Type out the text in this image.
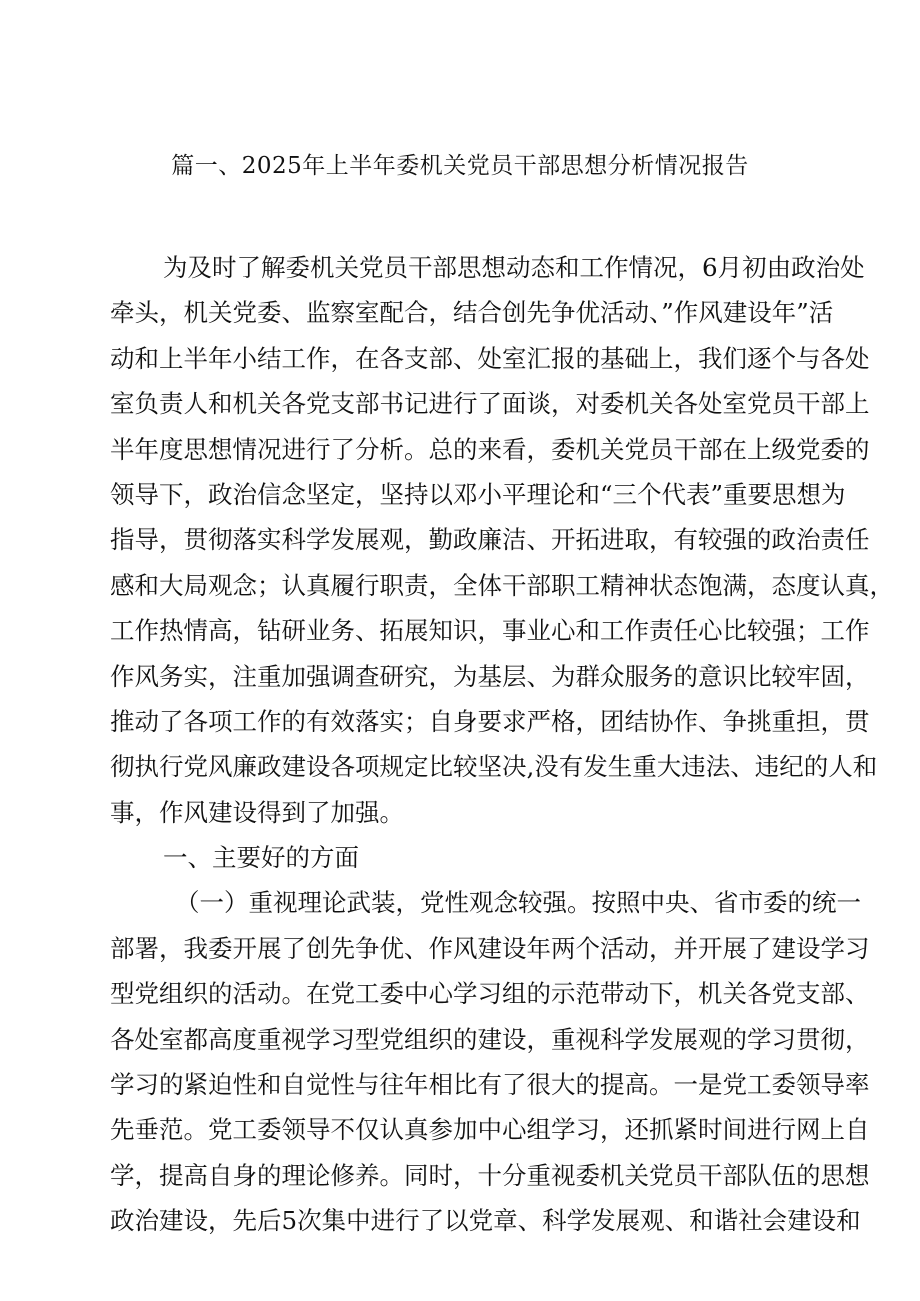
篇一、2025年上半年委机关党员干部思想分析情况报告
为及时了解委机关党员干部思想动态和工作情况，6月初由政治处
牵头，机关党委、监察室配合，结合创先争优活动、”作风建设年”活
动和上半年小结工作，在各支部、处室汇报的基础上，我们逐个与各处
室负责人和机关各党支部书记进行了面谈，对委机关各处室党员干部上
半年度思想情况进行了分析。总的来看，委机关党员干部在上级党委的
领导下，政治信念坚定，坚持以邓小平理论和“三个代表”重要思想为
指导，贯彻落实科学发展观，勤政廉洁、开拓进取，有较强的政治责任
感和大局观念；认真履行职责，全体干部职工精神状态饱满，态度认真，
工作热情高，钻研业务、拓展知识，事业心和工作责任心比较强；工作
作风务实，注重加强调查研究，为基层、为群众服务的意识比较牢固，
推动了各项工作的有效落实；自身要求严格，团结协作、争挑重担，贯
彻执行党风廉政建设各项规定比较坚决,没有发生重大违法、违纪的人和
事，作风建设得到了加强。
一、主要好的方面
（一）重视理论武装，党性观念较强。按照中央、省市委的统一
部署，我委开展了创先争优、作风建设年两个活动，并开展了建设学习
型党组织的活动。在党工委中心学习组的示范带动下，机关各党支部、
各处室都高度重视学习型党组织的建设，重视科学发展观的学习贯彻，
学习的紧迫性和自觉性与往年相比有了很大的提高。一是党工委领导率
先垂范。党工委领导不仅认真参加中心组学习，还抓紧时间进行网上自
学，提高自身的理论修养。同时，十分重视委机关党员干部队伍的思想
政治建设，先后5次集中进行了以党章、科学发展观、和谐社会建设和
